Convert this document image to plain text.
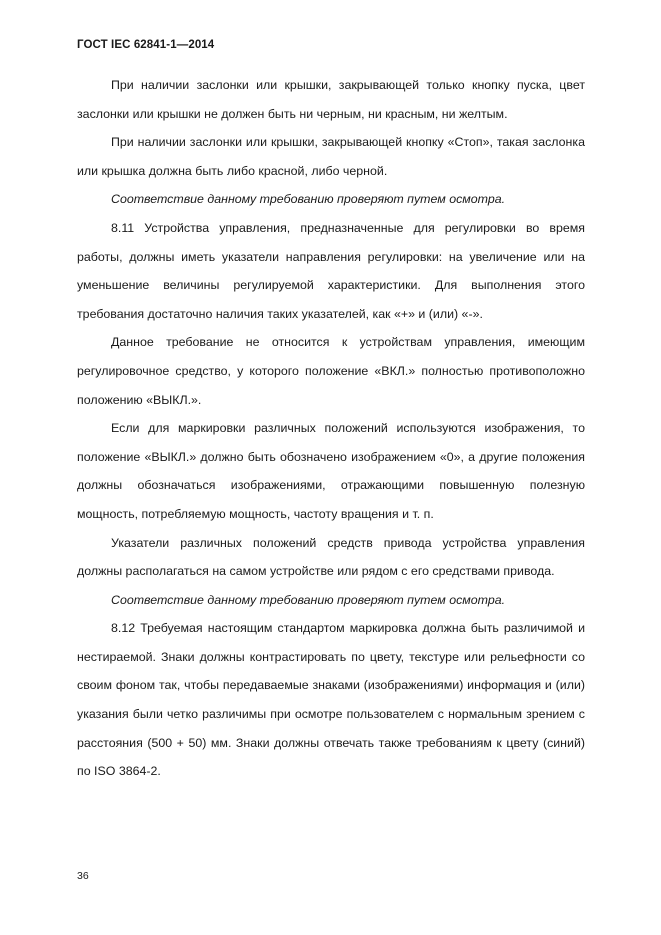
ГОСТ IEC 62841-1—2014

При наличии заслонки или крышки, закрывающей только кнопку пуска, цвет заслонки или крышки не должен быть ни черным, ни красным, ни желтым.

При наличии заслонки или крышки, закрывающей кнопку «Стоп», такая заслонка или крышка должна быть либо красной, либо черной.

Соответствие данному требованию проверяют путем осмотра.

8.11 Устройства управления, предназначенные для регулировки во время работы, должны иметь указатели направления регулировки: на увеличение или на уменьшение величины регулируемой характеристики. Для выполнения этого требования достаточно наличия таких указателей, как «+» и (или) «-».

Данное требование не относится к устройствам управления, имеющим регулировочное средство, у которого положение «ВКЛ.» полностью противоположно положению «ВЫКЛ.».

Если для маркировки различных положений используются изображения, то положение «ВЫКЛ.» должно быть обозначено изображением «0», а другие положения должны обозначаться изображениями, отражающими повышенную полезную мощность, потребляемую мощность, частоту вращения и т. п.

Указатели различных положений средств привода устройства управления должны располагаться на самом устройстве или рядом с его средствами привода.

Соответствие данному требованию проверяют путем осмотра.

8.12 Требуемая настоящим стандартом маркировка должна быть различимой и нестираемой. Знаки должны контрастировать по цвету, текстуре или рельефности со своим фоном так, чтобы передаваемые знаками (изображениями) информация и (или) указания были четко различимы при осмотре пользователем с нормальным зрением с расстояния (500 + 50) мм. Знаки должны отвечать также требованиям к цвету (синий) по ISO 3864-2.

36
